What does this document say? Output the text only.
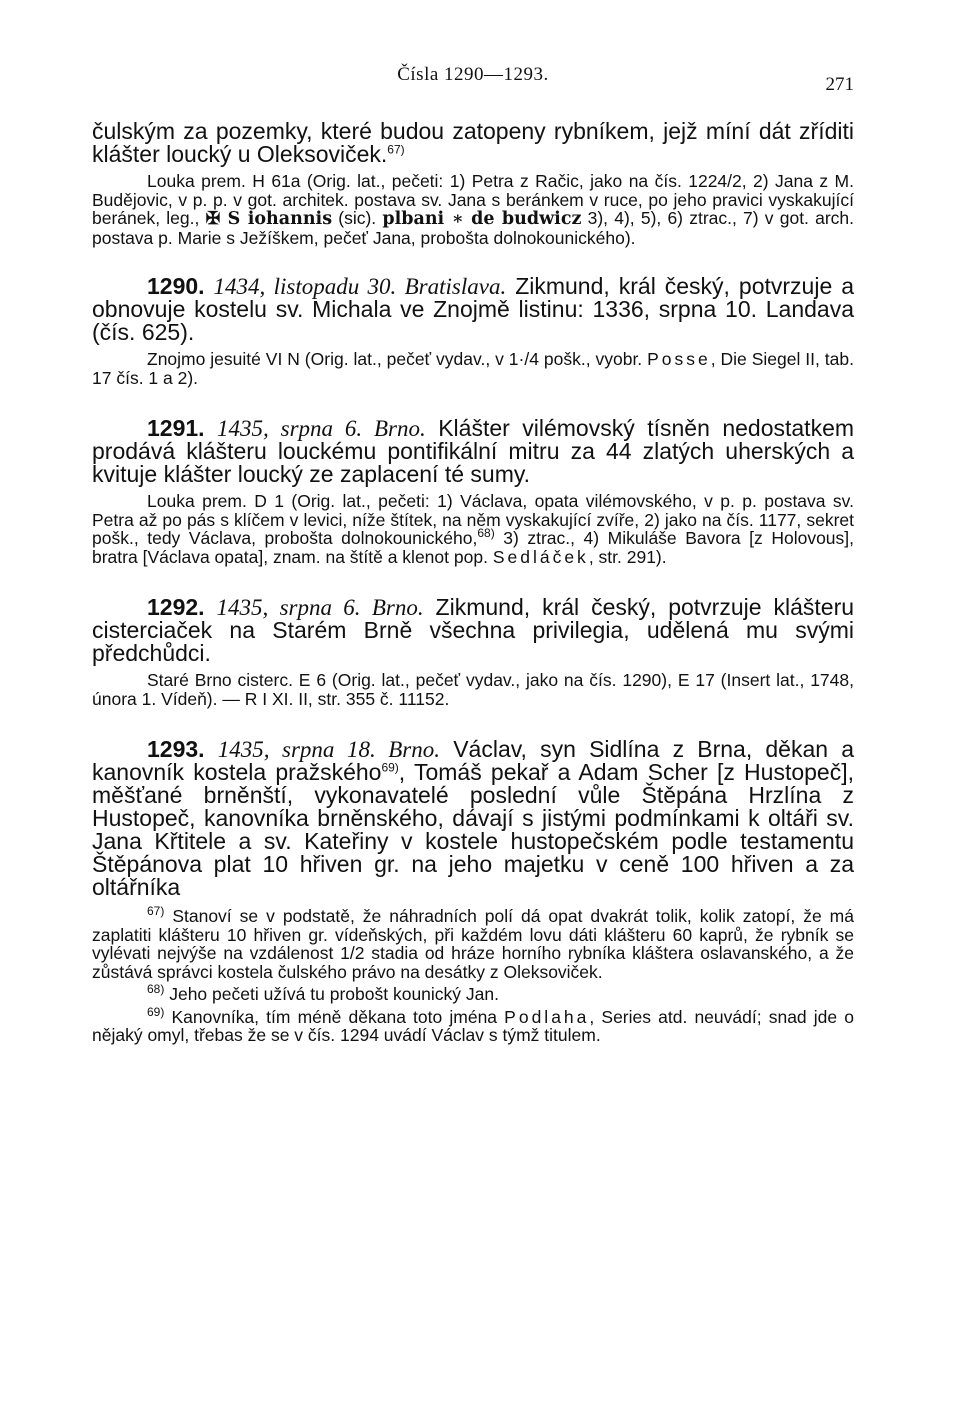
Čísla 1290—1293.	271

čulským za pozemky, které budou zatopeny rybníkem, jejž míní dát zříditi klášter loucký u Oleksoviček.$^{67)}$

Louka prem. H 61a (Orig. lat., pečeti: 1) Petra z Račic, jako na čís. 1224/2, 2) Jana z M. Budějovic, v p. p. v got. architek. postava sv. Jana s beránkem v ruce, po jeho pravici vyskakující beránek, leg., ✠ S iohannis (sic). plbani ∗ de budwicz 3), 4), 5), 6) ztrac., 7) v got. arch. postava p. Marie s Ježíškem, pečeť Jana, probošta dolnokounického).

1290. 1434, listopadu 30. Bratislava. Zikmund, král český, potvrzuje a obnovuje kostelu sv. Michala ve Znojmě listinu: 1336, srpna 10. Landava (čís. 625).

Znojmo jesuité VI N (Orig. lat., pečeť vydav., v 1·/4 pošk., vyobr. Posse, Die Siegel II, tab. 17 čís. 1 a 2).

1291. 1435, srpna 6. Brno. Klášter vilémovský tísněn nedostatkem prodává klášteru louckému pontifikální mitru za 44 zlatých uherských a kvituje klášter loucký ze zaplacení té sumy.

Louka prem. D 1 (Orig. lat., pečeti: 1) Václava, opata vilémovského, v p. p. postava sv. Petra až po pás s klíčem v levici, níže štítek, na něm vyskakující zvíře, 2) jako na čís. 1177, sekret pošk., tedy Václava, probošta dolnokounického,$^{68)}$ 3) ztrac., 4) Mikuláše Bavora [z Holovous], bratra [Václava opata], znam. na štítě a klenot pop. Sedláček, str. 291).

1292. 1435, srpna 6. Brno. Zikmund, král český, potvrzuje klášteru cisterciaček na Starém Brně všechna privilegia, udělená mu svými předchůdci.

Staré Brno cisterc. E 6 (Orig. lat., pečeť vydav., jako na čís. 1290), E 17 (Insert lat., 1748, února 1. Vídeň). — R I XI. II, str. 355 č. 11152.

1293. 1435, srpna 18. Brno. Václav, syn Sidlína z Brna, děkan a kanovník kostela pražského$^{69)}$, Tomáš pekař a Adam Scher [z Hustopeč], měšťané brněnští, vykonavatelé poslední vůle Štěpána Hrzlína z Hustopeč, kanovníka brněnského, dávají s jistými podmínkami k oltáři sv. Jana Křtitele a sv. Kateřiny v kostele hustopečském podle testamentu Štěpánova plat 10 hřiven gr. na jeho majetku v ceně 100 hřiven a za oltářníka

$^{67)}$ Stanoví se v podstatě, že náhradních polí dá opat dvakrát tolik, kolik zatopí, že má zaplatiti klášteru 10 hřiven gr. vídeňských, při každém lovu dáti klášteru 60 kaprů, že rybník se vylévati nejvýše na vzdálenost 1/2 stadia od hráze horního rybníka kláštera oslavanského, a že zůstává správci kostela čulského právo na desátky z Oleksoviček.

$^{68)}$ Jeho pečeti užívá tu probošt kounický Jan.

$^{69)}$ Kanovníka, tím méně děkana toto jména Podlaha, Series atd. neuvádí; snad jde o nějaký omyl, třebas že se v čís. 1294 uvádí Václav s týmž titulem.
